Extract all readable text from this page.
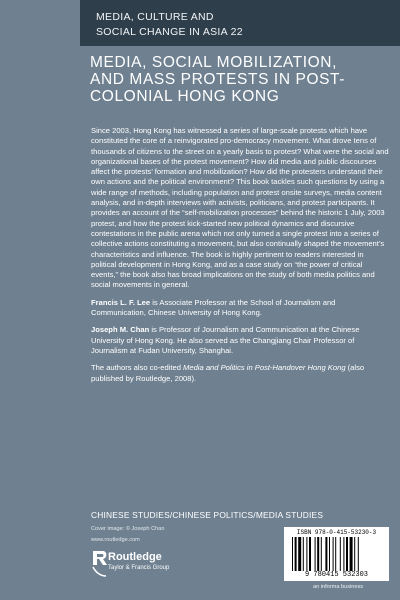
MEDIA, CULTURE AND
SOCIAL CHANGE IN ASIA 22
MEDIA, SOCIAL MOBILIZATION,
AND MASS PROTESTS IN POST-
COLONIAL HONG KONG

Since 2003, Hong Kong has witnessed a series of large-scale protests which have constituted the core of a reinvigorated pro-democracy movement. What drove tens of thousands of citizens to the street on a yearly basis to protest? What were the social and organizational bases of the protest movement? How did media and public discourses affect the protests’ formation and mobilization? How did the protesters understand their own actions and the political environment? This book tackles such questions by using a wide range of methods, including population and protest onsite surveys, media content analysis, and in-depth interviews with activists, politicians, and protest participants. It provides an account of the “self-mobilization processes” behind the historic 1 July, 2003 protest, and how the protest kick-started new political dynamics and discursive contestations in the public arena which not only turned a single protest into a series of collective actions constituting a movement, but also continually shaped the movement’s characteristics and influence. The book is highly pertinent to readers interested in political development in Hong Kong, and as a case study on “the power of critical events,” the book also has broad implications on the study of both media politics and social movements in general.

Francis L. F. Lee is Associate Professor at the School of Journalism and Communication, Chinese University of Hong Kong.

Joseph M. Chan is Professor of Journalism and Communication at the Chinese University of Hong Kong. He also served as the Changjiang Chair Professor of Journalism at Fudan University, Shanghai.

The authors also co-edited Media and Politics in Post-Handover Hong Kong (also published by Routledge, 2008).

CHINESE STUDIES/CHINESE POLITICS/MEDIA STUDIES
Cover image: © Joseph Chan
www.routledge.com
Routledge
Taylor & Francis Group
ISBN 978-0-415-53230-3
9 780415 532303
an informa business
